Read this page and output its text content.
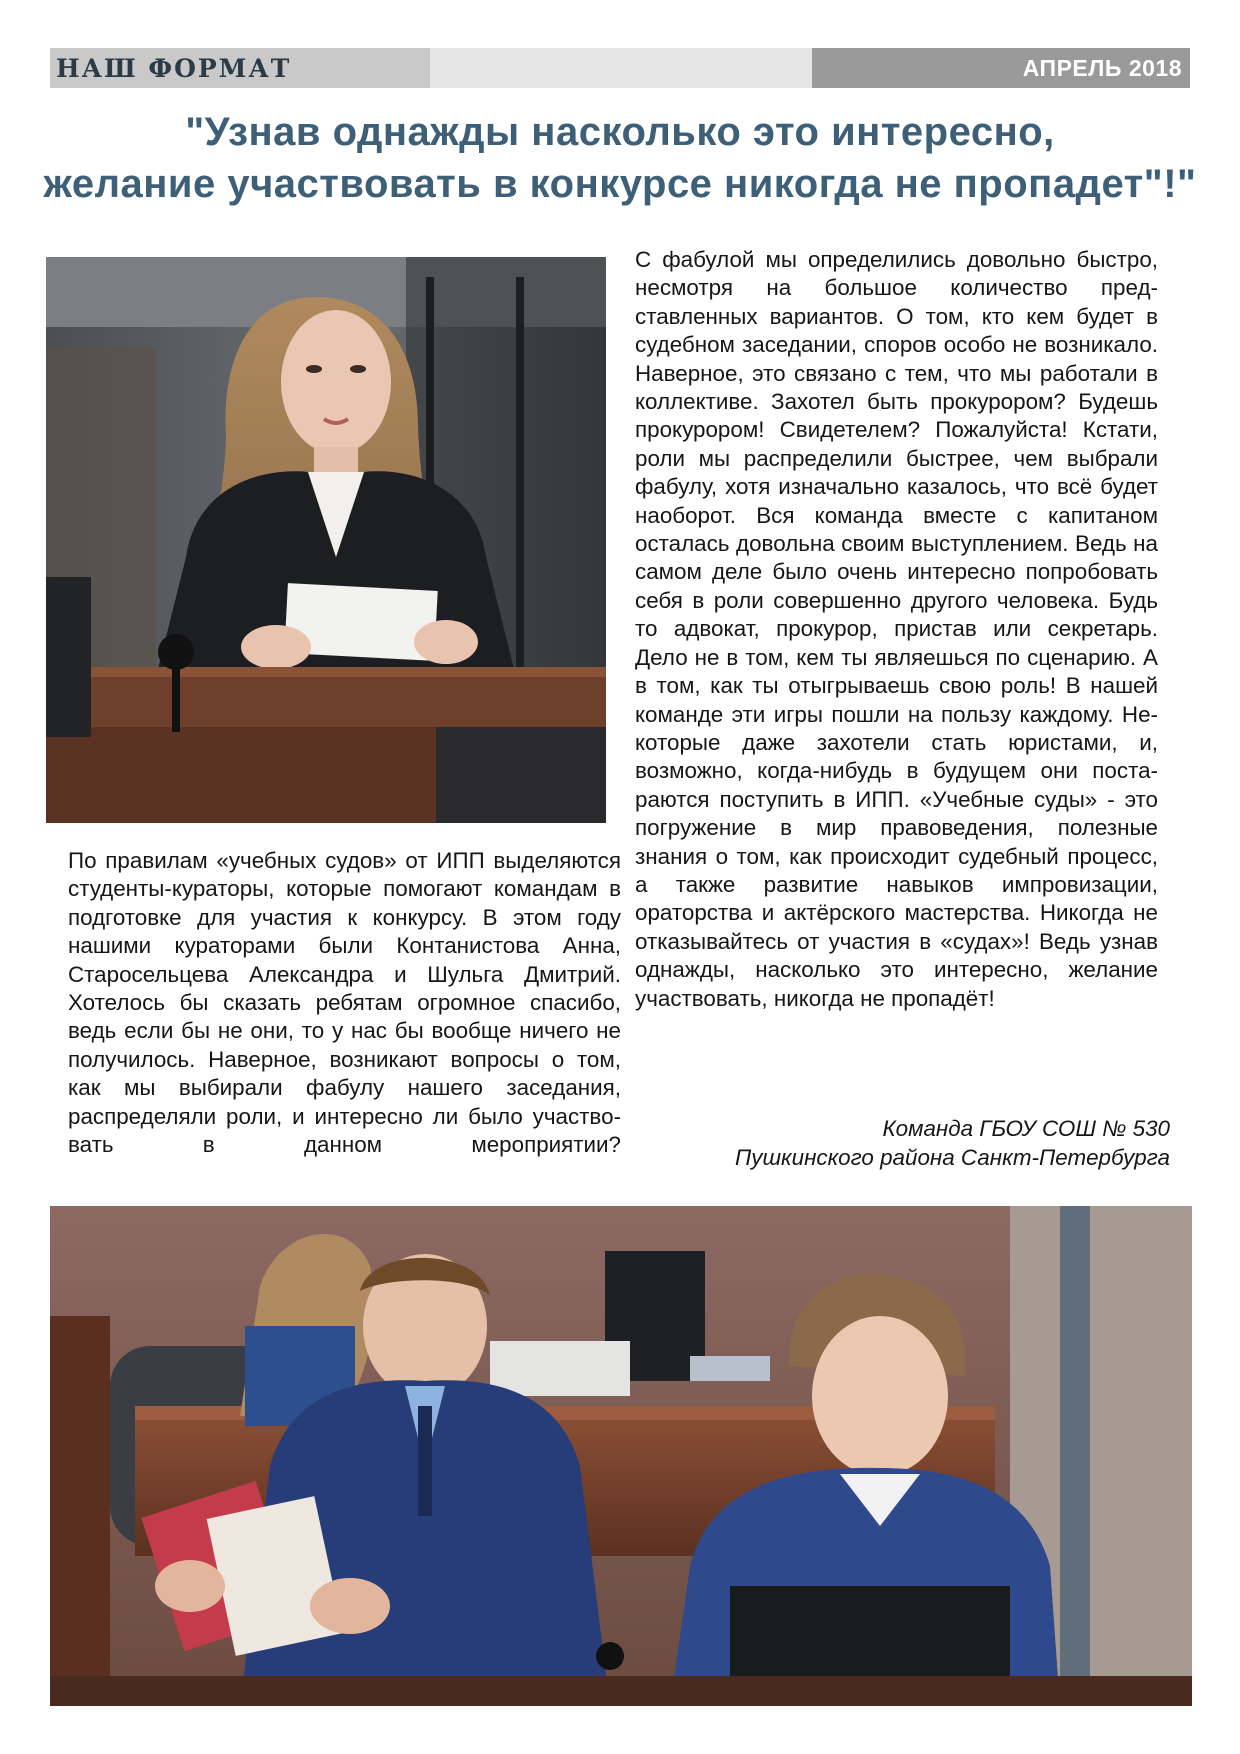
НАШ ФОРМАТ	АПРЕЛЬ 2018
"Узнав однажды насколько это интересно,
желание участвовать в конкурсе никогда не пропадет"!"
С фабулой мы определились довольно быстро, несмотря на большое количество представленных вариантов. О том, кто кем будет в судебном заседании, споров особо не возникало. Наверное, это связано с тем, что мы работали в коллективе. Захотел быть прокурором? Будешь прокурором! Свидетелем? Пожалуйста! Кстати, роли мы распределили быстрее, чем выбрали фабулу, хотя изначально казалось, что всё будет наоборот. Вся команда вместе с капитаном осталась довольна своим выступлением. Ведь на самом деле было очень интересно попробовать себя в роли совершенно другого человека. Будь то адвокат, прокурор, пристав или секретарь. Дело не в том, кем ты являешься по сценарию. А в том, как ты отыгрываешь свою роль! В нашей команде эти игры пошли на пользу каждому. Некоторые даже захотели стать юристами, и, возможно, когда-нибудь в будущем они постараются поступить в ИПП. «Учебные суды» - это погружение в мир правоведения, полезные знания о том, как происходит судебный процесс, а также развитие навыков импровизации, ораторства и актёрского мастерства. Никогда не отказывайтесь от участия в «судах»! Ведь узнав однажды, насколько это интересно, желание участвовать, никогда не пропадёт!
По правилам «учебных судов» от ИПП выделяются студенты-кураторы, которые помогают командам в подготовке для участия к конкурсу. В этом году нашими кураторами были Контанистова Анна, Старосельцева Александра и Шульга Дмитрий. Хотелось бы сказать ребятам огромное спасибо, ведь если бы не они, то у нас бы вообще ничего не получилось. Наверное, возникают вопросы о том, как мы выбирали фабулу нашего заседания, распределяли роли, и интересно ли было участвовать в данном мероприятии?
Команда ГБОУ СОШ № 530
Пушкинского района Санкт-Петербурга
